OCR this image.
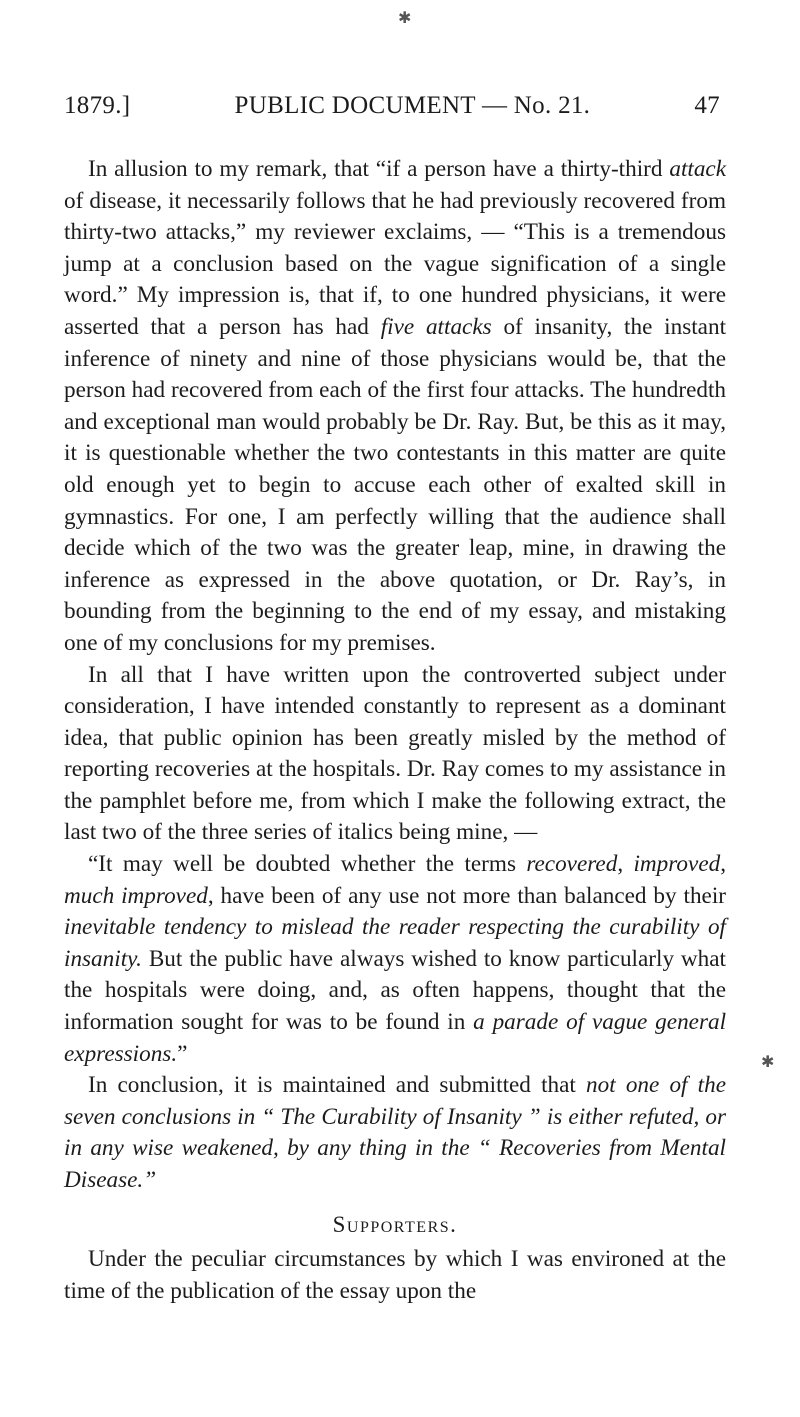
✱
1879.]	PUBLIC DOCUMENT — No. 21.	47

In allusion to my remark, that “if a person have a thirty-third attack of disease, it necessarily follows that he had previously recovered from thirty-two attacks,” my reviewer exclaims, — “This is a tremendous jump at a conclusion based on the vague signification of a single word.” My impression is, that if, to one hundred physicians, it were asserted that a person has had five attacks of insanity, the instant inference of ninety and nine of those physicians would be, that the person had recovered from each of the first four attacks. The hundredth and exceptional man would probably be Dr. Ray. But, be this as it may, it is questionable whether the two contestants in this matter are quite old enough yet to begin to accuse each other of exalted skill in gymnastics. For one, I am perfectly willing that the audience shall decide which of the two was the greater leap, mine, in drawing the inference as expressed in the above quotation, or Dr. Ray’s, in bounding from the beginning to the end of my essay, and mistaking one of my conclusions for my premises.

In all that I have written upon the controverted subject under consideration, I have intended constantly to represent as a dominant idea, that public opinion has been greatly misled by the method of reporting recoveries at the hospitals. Dr. Ray comes to my assistance in the pamphlet before me, from which I make the following extract, the last two of the three series of italics being mine, —

“It may well be doubted whether the terms recovered, improved, much improved, have been of any use not more than balanced by their inevitable tendency to mislead the reader respecting the curability of insanity. But the public have always wished to know particularly what the hospitals were doing, and, as often happens, thought that the information sought for was to be found in a parade of vague general expressions.”

In conclusion, it is maintained and submitted that not one of the seven conclusions in “ The Curability of Insanity ” is either refuted, or in any wise weakened, by any thing in the “ Recoveries from Mental Disease.”

Supporters.

Under the peculiar circumstances by which I was environed at the time of the publication of the essay upon the

✱
